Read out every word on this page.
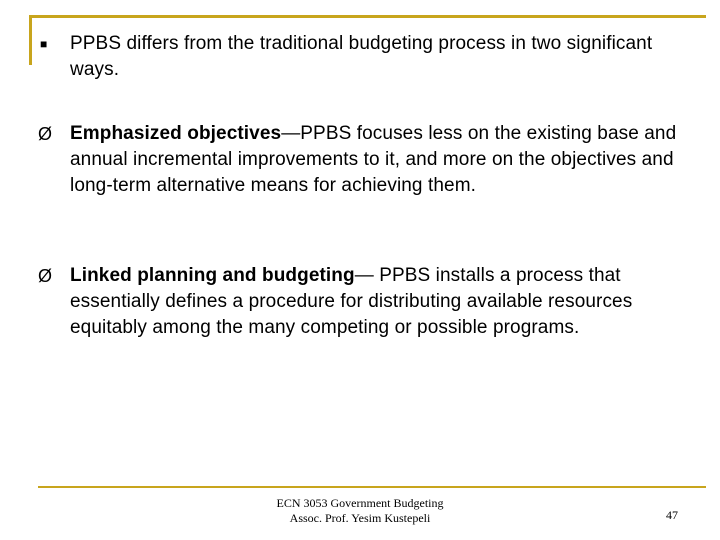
■	PPBS differs from the traditional budgeting process in two significant ways.
Ø Emphasized objectives—PPBS focuses less on the existing base and annual incremental improvements to it, and more on the objectives and long-term alternative means for achieving them.
Ø Linked planning and budgeting— PPBS installs a process that essentially defines a procedure for distributing available resources equitably among the many competing or possible programs.
ECN 3053 Government Budgeting
Assoc. Prof. Yesim Kustepeli	47
